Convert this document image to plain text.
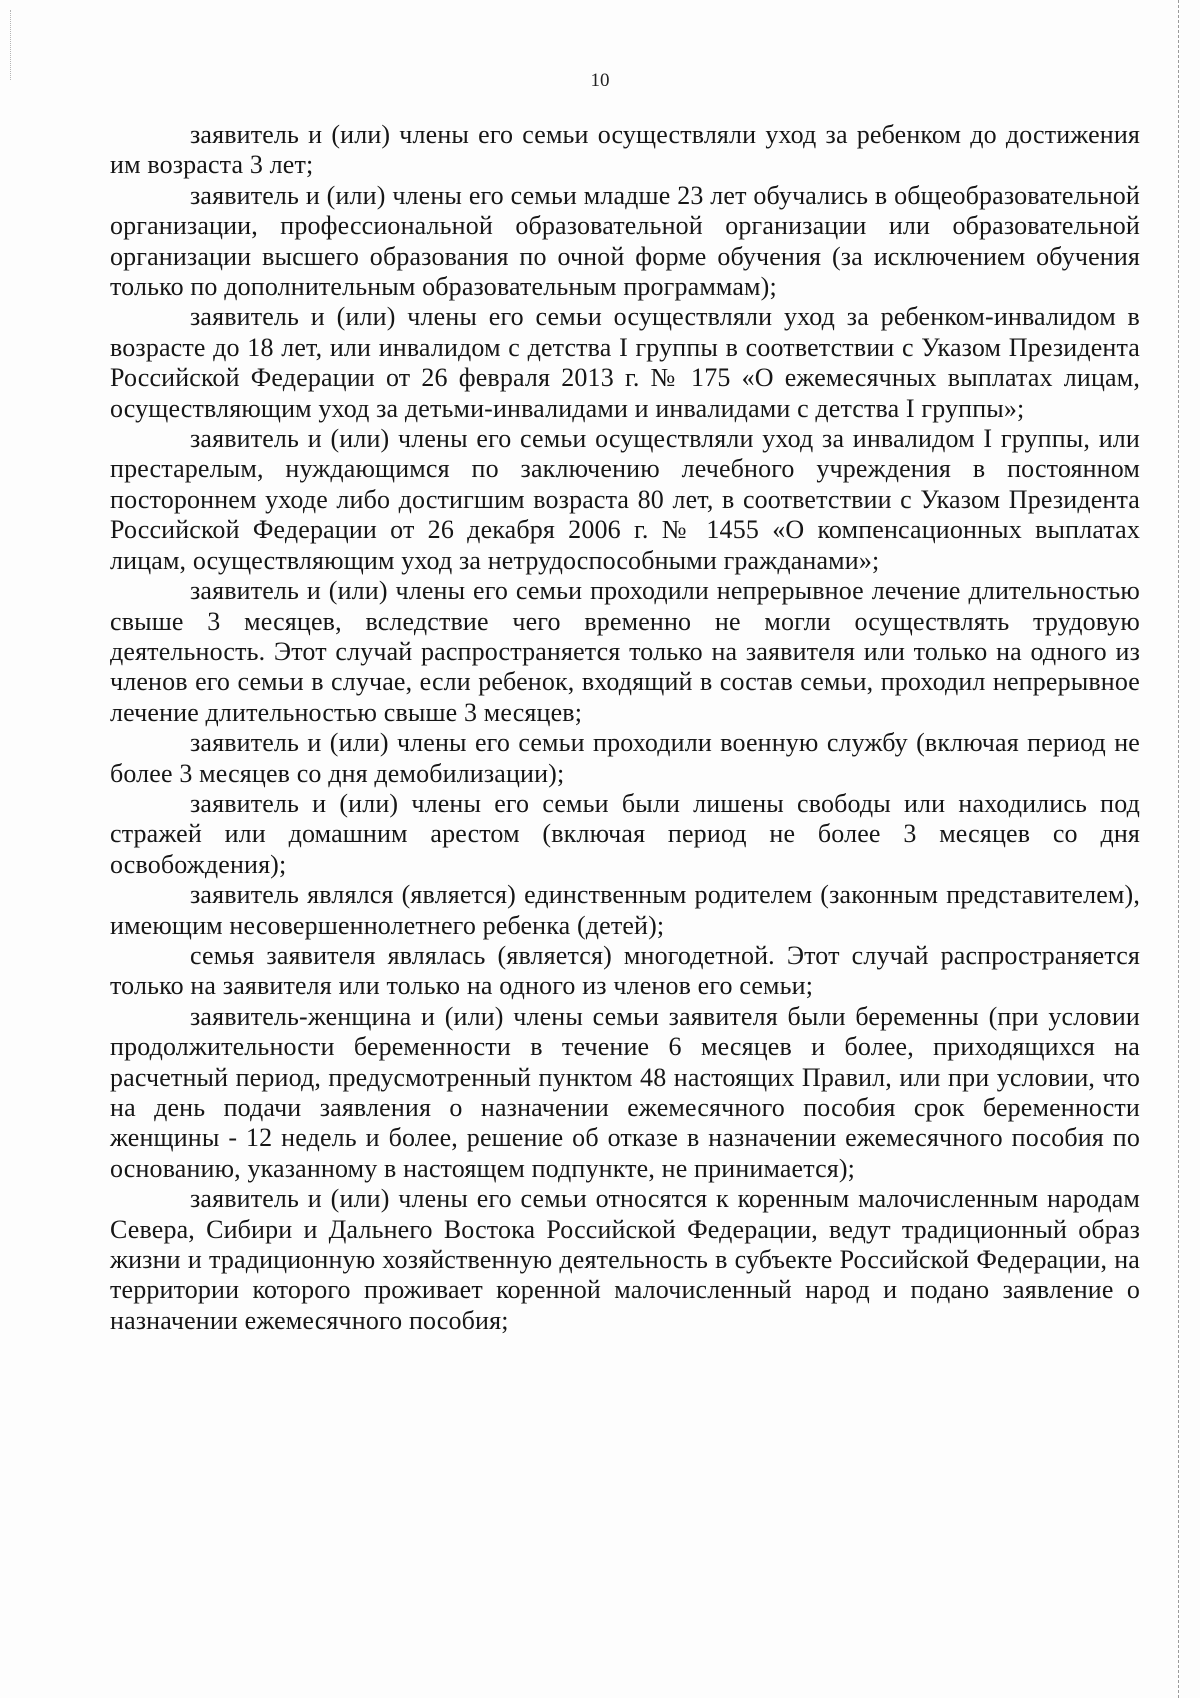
10

заявитель и (или) члены его семьи осуществляли уход за ребенком до достижения им возраста 3 лет;

заявитель и (или) члены его семьи младше 23 лет обучались в общеобразовательной организации, профессиональной образовательной организации или образовательной организации высшего образования по очной форме обучения (за исключением обучения только по дополнительным образовательным программам);

заявитель и (или) члены его семьи осуществляли уход за ребенком-инвалидом в возрасте до 18 лет, или инвалидом с детства I группы в соответствии с Указом Президента Российской Федерации от 26 февраля 2013 г. № 175 «О ежемесячных выплатах лицам, осуществляющим уход за детьми-инвалидами и инвалидами с детства I группы»;

заявитель и (или) члены его семьи осуществляли уход за инвалидом I группы, или престарелым, нуждающимся по заключению лечебного учреждения в постоянном постороннем уходе либо достигшим возраста 80 лет, в соответствии с Указом Президента Российской Федерации от 26 декабря 2006 г. № 1455 «О компенсационных выплатах лицам, осуществляющим уход за нетрудоспособными гражданами»;

заявитель и (или) члены его семьи проходили непрерывное лечение длительностью свыше 3 месяцев, вследствие чего временно не могли осуществлять трудовую деятельность. Этот случай распространяется только на заявителя или только на одного из членов его семьи в случае, если ребенок, входящий в состав семьи, проходил непрерывное лечение длительностью свыше 3 месяцев;

заявитель и (или) члены его семьи проходили военную службу (включая период не более 3 месяцев со дня демобилизации);

заявитель и (или) члены его семьи были лишены свободы или находились под стражей или домашним арестом (включая период не более 3 месяцев со дня освобождения);

заявитель являлся (является) единственным родителем (законным представителем), имеющим несовершеннолетнего ребенка (детей);

семья заявителя являлась (является) многодетной. Этот случай распространяется только на заявителя или только на одного из членов его семьи;

заявитель-женщина и (или) члены семьи заявителя были беременны (при условии продолжительности беременности в течение 6 месяцев и более, приходящихся на расчетный период, предусмотренный пунктом 48 настоящих Правил, или при условии, что на день подачи заявления о назначении ежемесячного пособия срок беременности женщины - 12 недель и более, решение об отказе в назначении ежемесячного пособия по основанию, указанному в настоящем подпункте, не принимается);

заявитель и (или) члены его семьи относятся к коренным малочисленным народам Севера, Сибири и Дальнего Востока Российской Федерации, ведут традиционный образ жизни и традиционную хозяйственную деятельность в субъекте Российской Федерации, на территории которого проживает коренной малочисленный народ и подано заявление о назначении ежемесячного пособия;
